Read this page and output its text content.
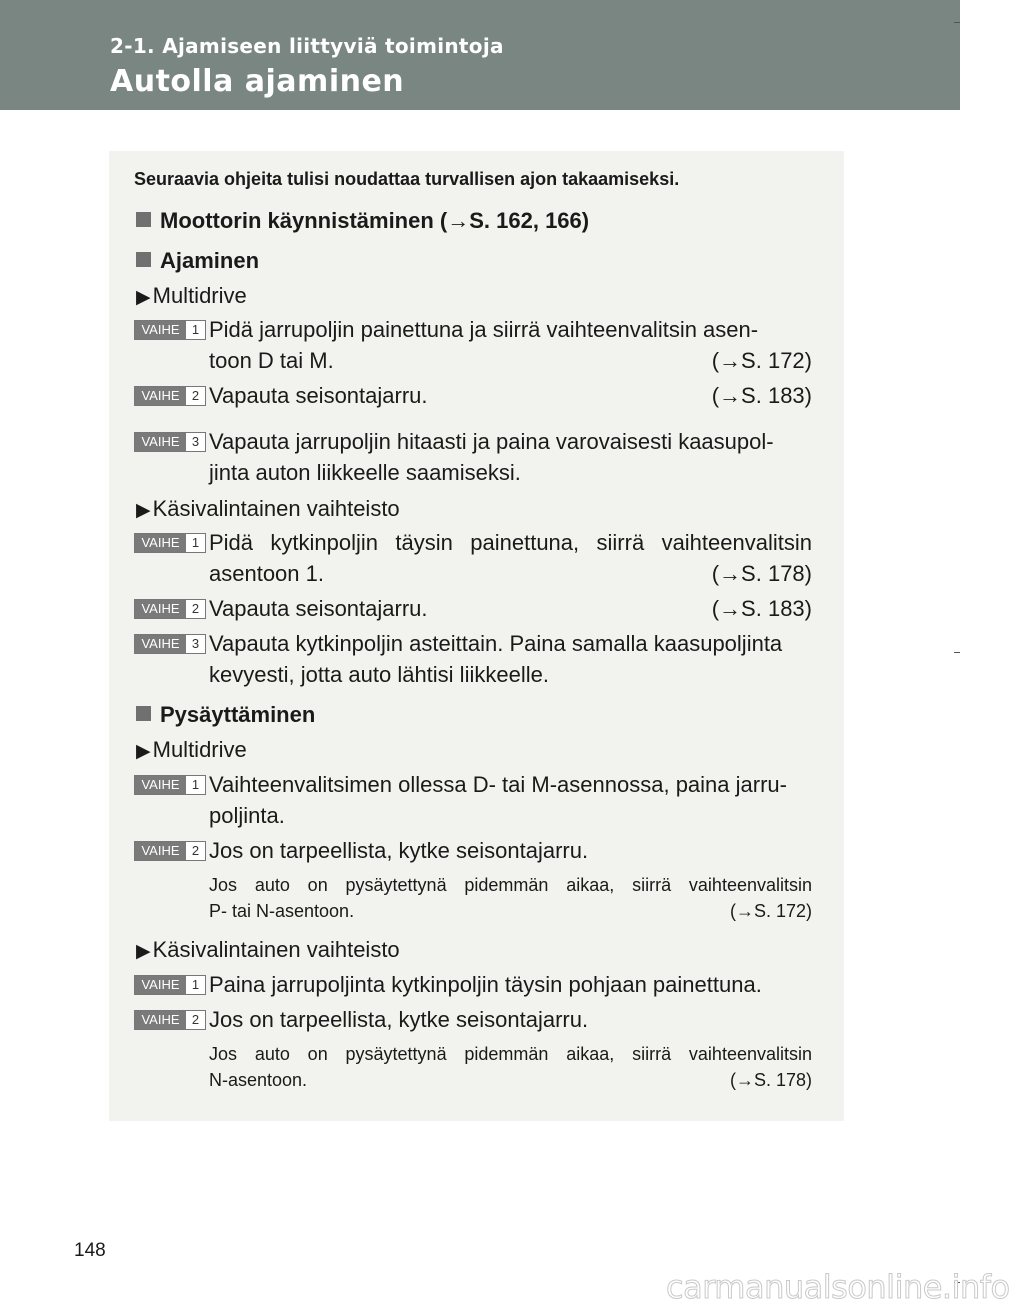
2-1. Ajamiseen liittyviä toimintoja
Autolla ajaminen
Seuraavia ohjeita tulisi noudattaa turvallisen ajon takaamiseksi.
Moottorin käynnistäminen (→S. 162, 166)
Ajaminen
▶Multidrive
VAIHE 1 Pidä jarrupoljin painettuna ja siirrä vaihteenvalitsin asen-
toon D tai M.	(→S. 172)
VAIHE 2 Vapauta seisontajarru.	(→S. 183)
VAIHE 3 Vapauta jarrupoljin hitaasti ja paina varovaisesti kaasupol-
jinta auton liikkeelle saamiseksi.
▶Käsivalintainen vaihteisto
VAIHE 1 Pidä kytkinpoljin täysin painettuna, siirrä vaihteenvalitsin
asentoon 1.	(→S. 178)
VAIHE 2 Vapauta seisontajarru.	(→S. 183)
VAIHE 3 Vapauta kytkinpoljin asteittain. Paina samalla kaasupoljinta
kevyesti, jotta auto lähtisi liikkeelle.
Pysäyttäminen
▶Multidrive
VAIHE 1 Vaihteenvalitsimen ollessa D- tai M-asennossa, paina jarru-
poljinta.
VAIHE 2 Jos on tarpeellista, kytke seisontajarru.
Jos auto on pysäytettynä pidemmän aikaa, siirrä vaihteenvalitsin
P- tai N-asentoon.	(→S. 172)
▶Käsivalintainen vaihteisto
VAIHE 1 Paina jarrupoljinta kytkinpoljin täysin pohjaan painettuna.
VAIHE 2 Jos on tarpeellista, kytke seisontajarru.
Jos auto on pysäytettynä pidemmän aikaa, siirrä vaihteenvalitsin
N-asentoon.	(→S. 178)
148
carmanualsonline.info
